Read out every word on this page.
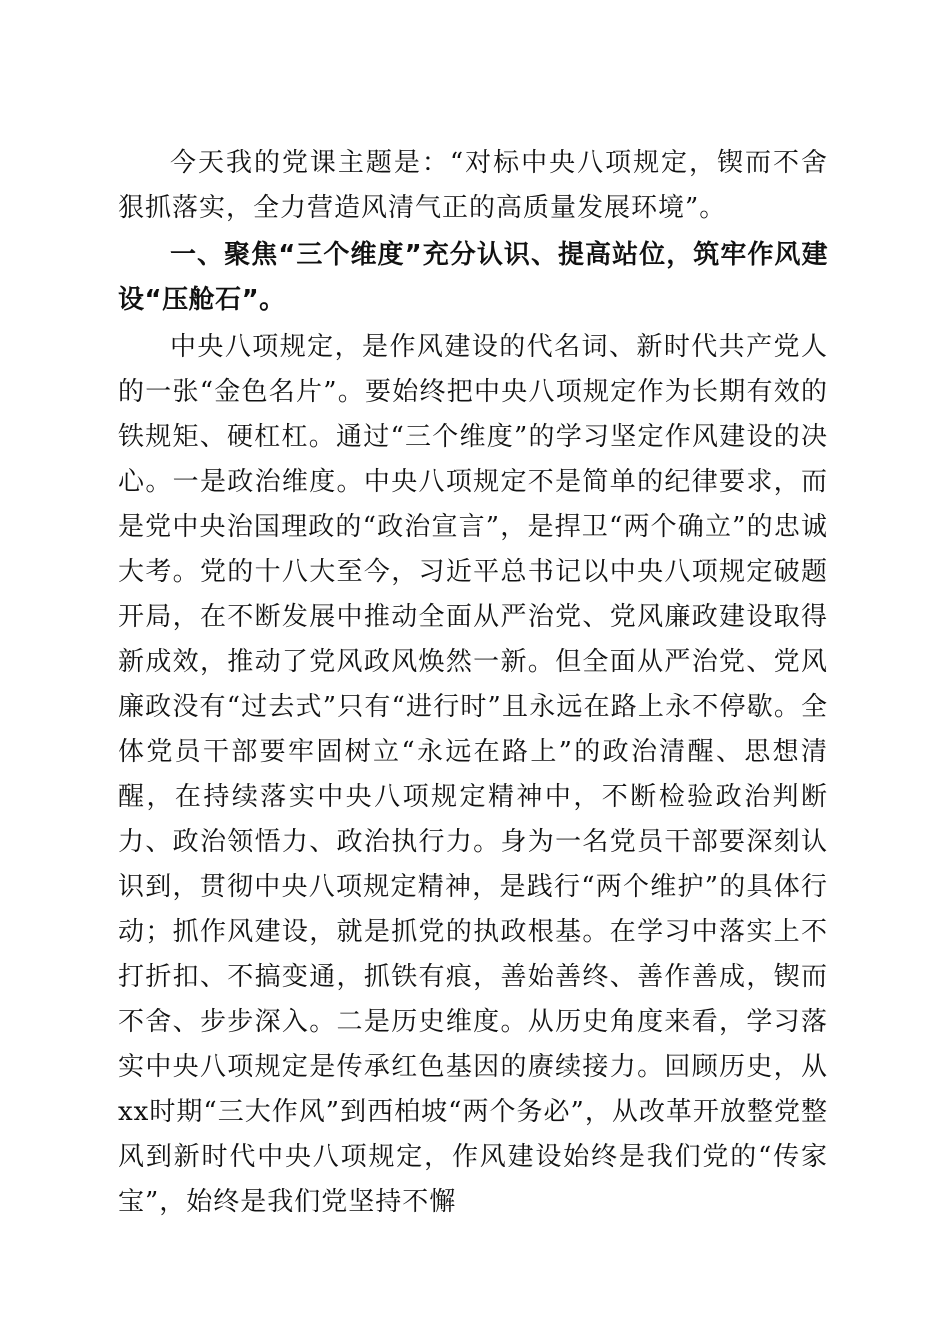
今天我的党课主题是：“对标中央八项规定，锲而不舍狠抓落实，全力营造风清气正的高质量发展环境”。

一、聚焦“三个维度”充分认识、提高站位，筑牢作风建设“压舱石”。

中央八项规定，是作风建设的代名词、新时代共产党人的一张“金色名片”。要始终把中央八项规定作为长期有效的铁规矩、硬杠杠。通过“三个维度”的学习坚定作风建设的决心。一是政治维度。中央八项规定不是简单的纪律要求，而是党中央治国理政的“政治宣言”，是捍卫“两个确立”的忠诚大考。党的十八大至今，习近平总书记以中央八项规定破题开局，在不断发展中推动全面从严治党、党风廉政建设取得新成效，推动了党风政风焕然一新。但全面从严治党、党风廉政没有“过去式”只有“进行时”且永远在路上永不停歇。全体党员干部要牢固树立“永远在路上”的政治清醒、思想清醒，在持续落实中央八项规定精神中，不断检验政治判断力、政治领悟力、政治执行力。身为一名党员干部要深刻认识到，贯彻中央八项规定精神，是践行“两个维护”的具体行动；抓作风建设，就是抓党的执政根基。在学习中落实上不打折扣、不搞变通，抓铁有痕，善始善终、善作善成，锲而不舍、步步深入。二是历史维度。从历史角度来看，学习落实中央八项规定是传承红色基因的赓续接力。回顾历史，从xx时期“三大作风”到西柏坡“两个务必”，从改革开放整党整风到新时代中央八项规定，作风建设始终是我们党的“传家宝”，始终是我们党坚持不懈
